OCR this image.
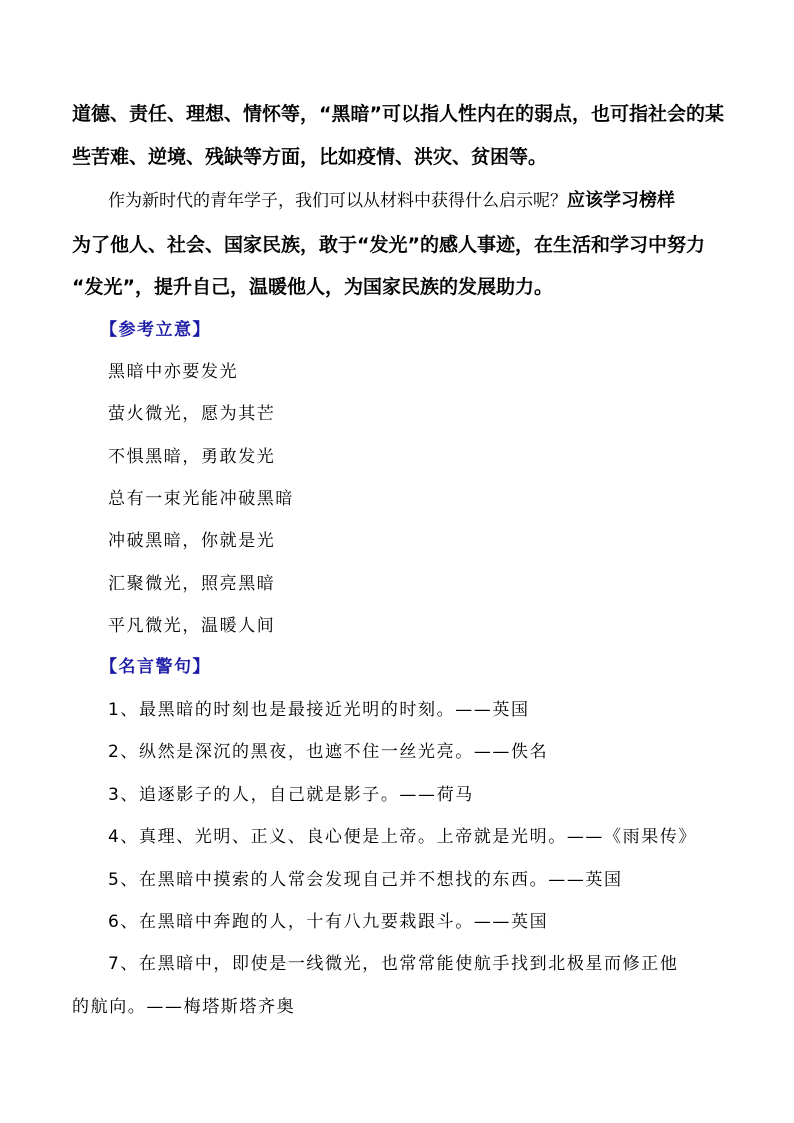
道德、责任、理想、情怀等，“黑暗”可以指人性内在的弱点，也可指社会的某
些苦难、逆境、残缺等方面，比如疫情、洪灾、贫困等。
作为新时代的青年学子，我们可以从材料中获得什么启示呢？应该学习榜样
为了他人、社会、国家民族，敢于“发光”的感人事迹，在生活和学习中努力
“发光”，提升自己，温暖他人，为国家民族的发展助力。
【参考立意】
黑暗中亦要发光
萤火微光，愿为其芒
不惧黑暗，勇敢发光
总有一束光能冲破黑暗
冲破黑暗，你就是光
汇聚微光，照亮黑暗
平凡微光，温暖人间
【名言警句】
1、最黑暗的时刻也是最接近光明的时刻。——英国
2、纵然是深沉的黑夜，也遮不住一丝光亮。——佚名
3、追逐影子的人，自己就是影子。——荷马
4、真理、光明、正义、良心便是上帝。上帝就是光明。——《雨果传》
5、在黑暗中摸索的人常会发现自己并不想找的东西。——英国
6、在黑暗中奔跑的人，十有八九要栽跟斗。——英国
7、在黑暗中，即使是一线微光，也常常能使航手找到北极星而修正他
的航向。——梅塔斯塔齐奥
